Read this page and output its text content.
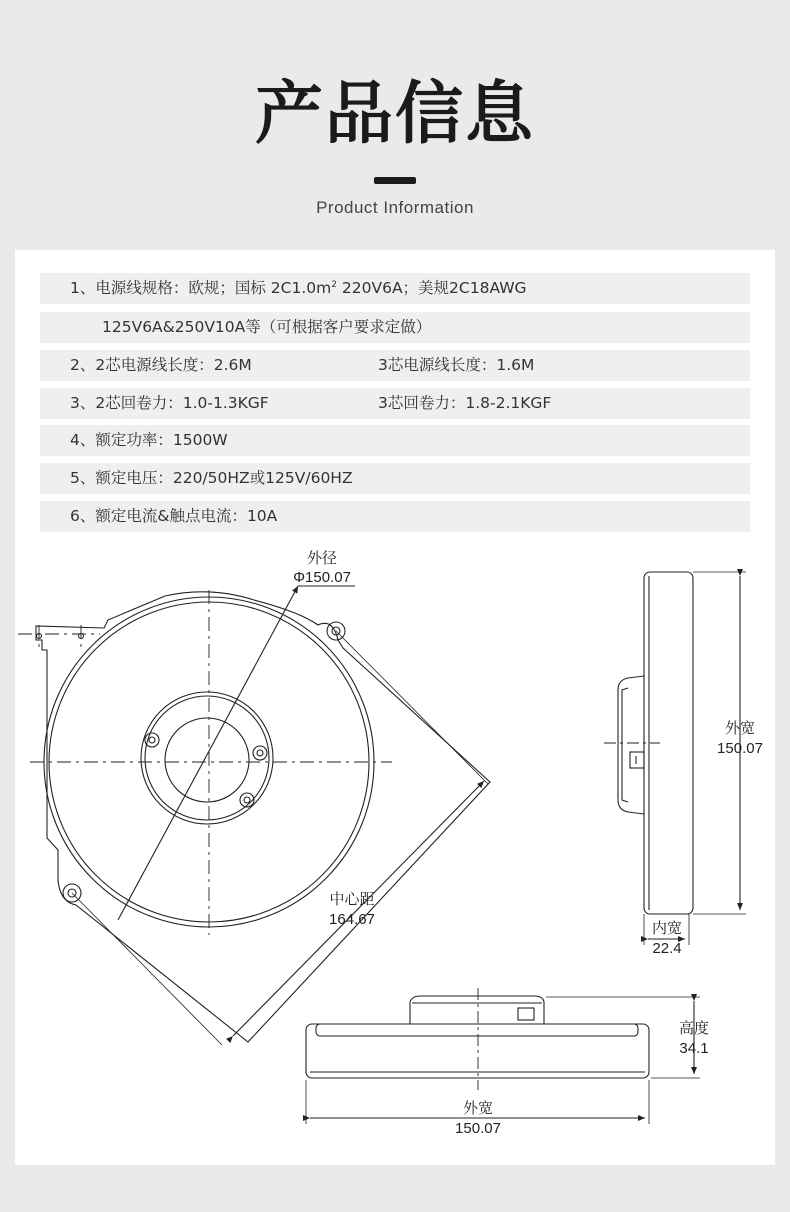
产品信息
Product Information
1、电源线规格：欧规；国标 $2C1.0m^2$ 220V6A；美规2C18AWG
125V6A&250V10A等（可根据客户要求定做）
2、2芯电源线长度：2.6M	3芯电源线长度：1.6M
3、2芯回卷力：1.0-1.3KGF	3芯回卷力：1.8-2.1KGF
4、额定功率：1500W
5、额定电压：220/50HZ或125V/60HZ
6、额定电流&触点电流：10A
外径
Φ150.07
中心距
164.67
外宽
150.07
内宽
22.4
高度
34.1
外宽
150.07
